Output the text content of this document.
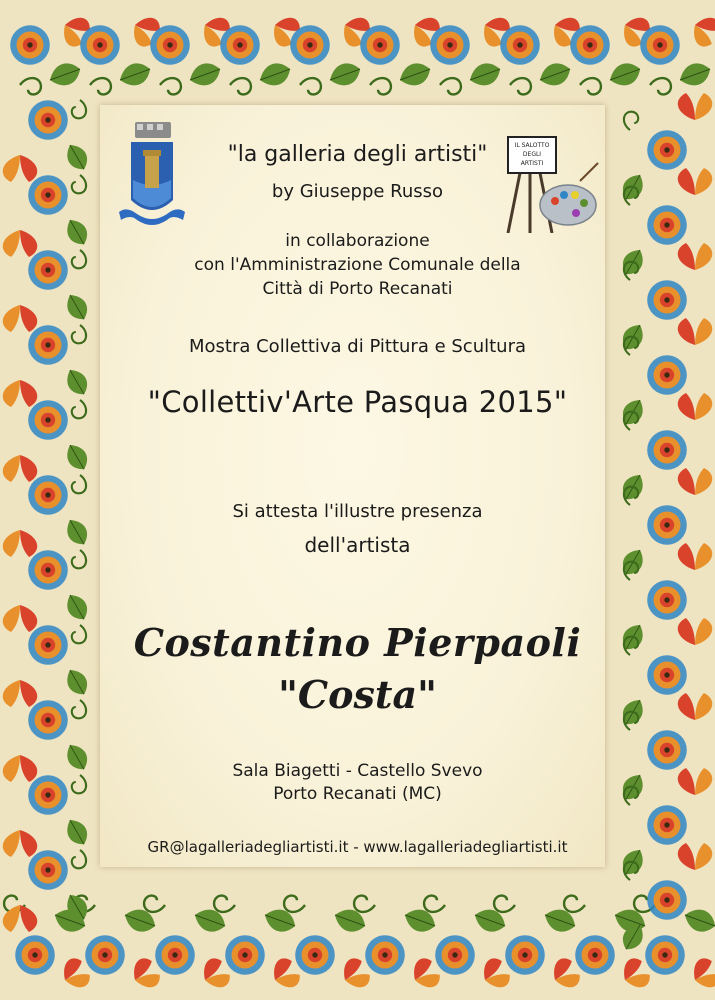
IL SALOTTO
DEGLI
ARTISTI
"la galleria degli artisti"
by Giuseppe Russo
in collaborazione
con l'Amministrazione Comunale della
Città di Porto Recanati
Mostra Collettiva di Pittura e Scultura
"Collettiv'Arte Pasqua 2015"
Si attesta l'illustre presenza
dell'artista
Costantino Pierpaoli
"Costa"
Sala Biagetti - Castello Svevo
Porto Recanati (MC)
GR@lagalleriadegliartisti.it - www.lagalleriadegliartisti.it
